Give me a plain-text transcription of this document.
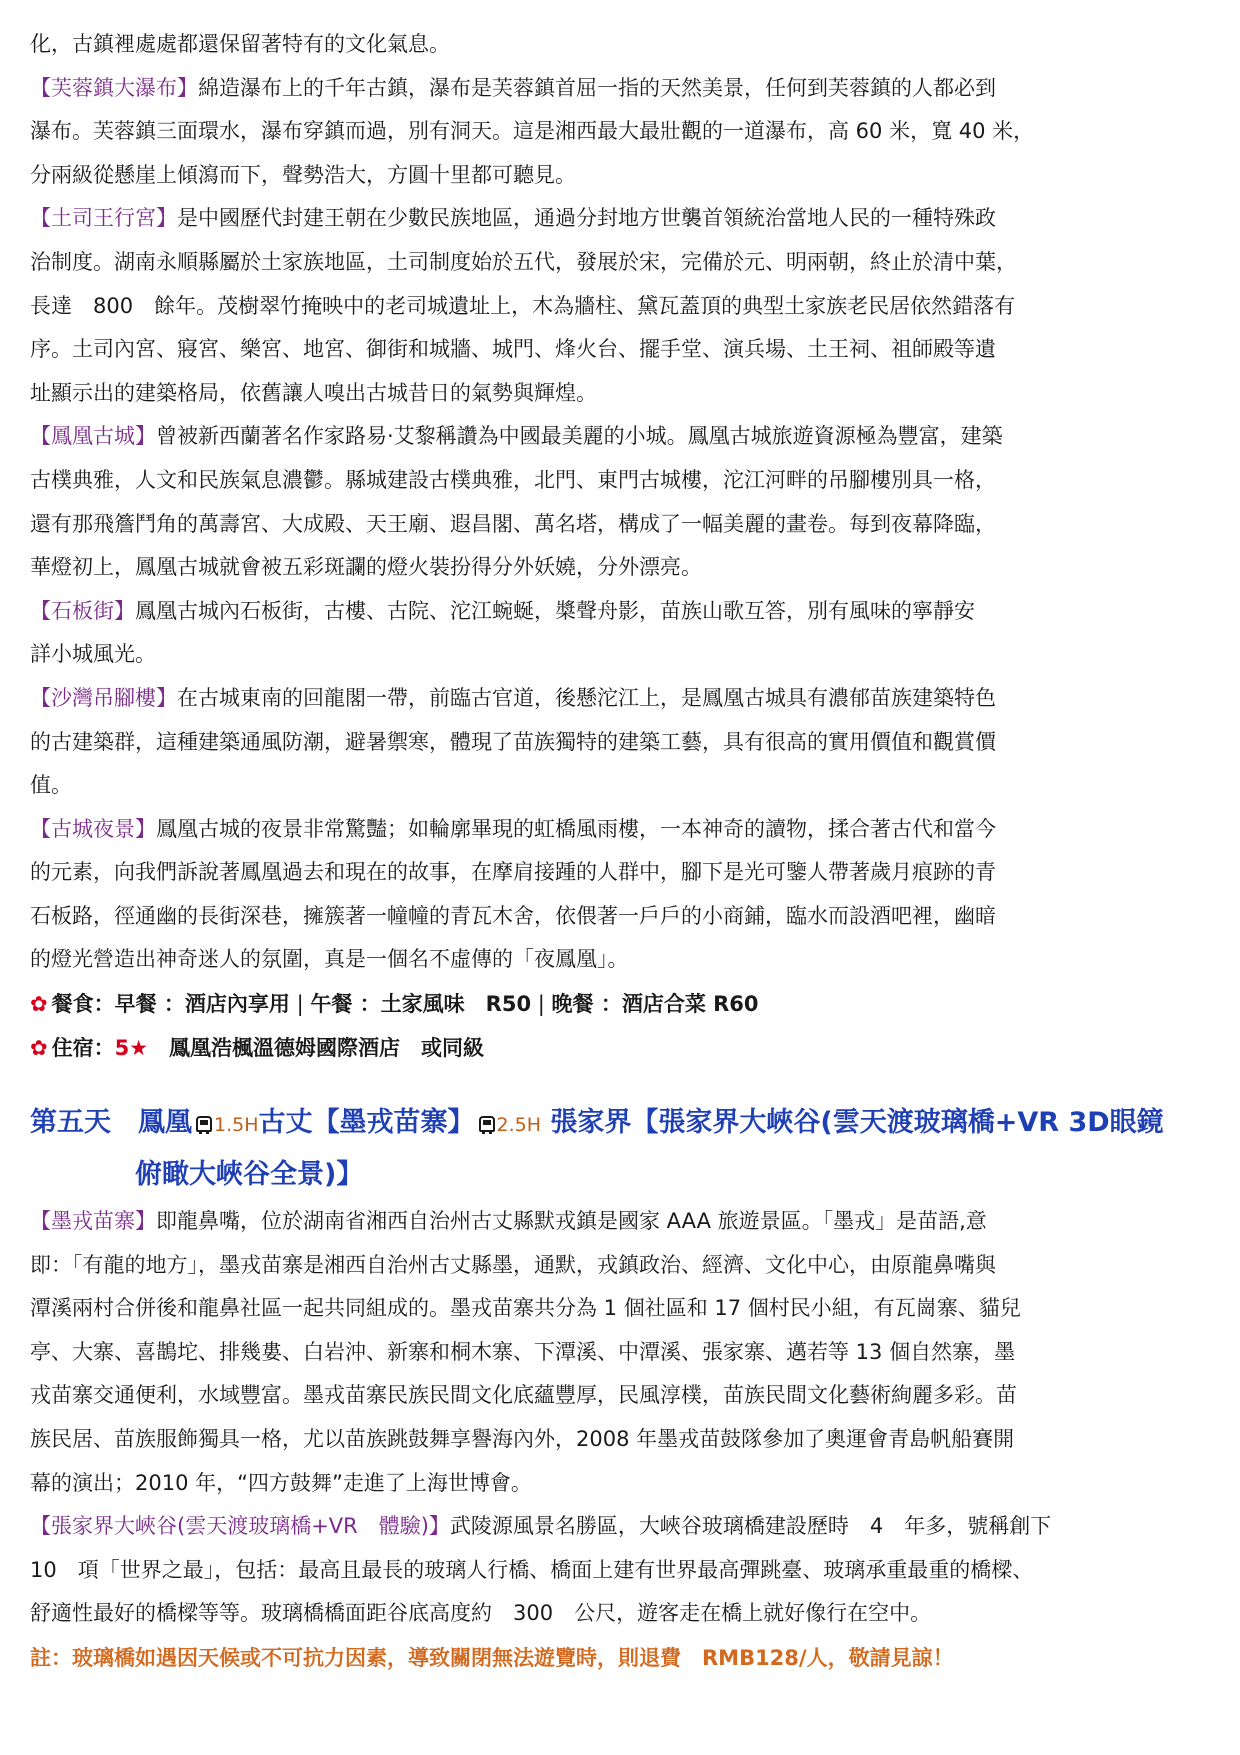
化，古鎮裡處處都還保留著特有的文化氣息。

【芙蓉鎮大瀑布】綿造瀑布上的千年古鎮，瀑布是芙蓉鎮首屈一指的天然美景，任何到芙蓉鎮的人都必到

瀑布。芙蓉鎮三面環水，瀑布穿鎮而過，別有洞天。這是湘西最大最壯觀的一道瀑布，高 60 米，寬 40 米，

分兩級從懸崖上傾瀉而下，聲勢浩大，方圓十里都可聽見。

【土司王行宮】是中國歷代封建王朝在少數民族地區，通過分封地方世襲首領統治當地人民的一種特殊政

治制度。湖南永順縣屬於土家族地區，土司制度始於五代，發展於宋，完備於元、明兩朝，終止於清中葉，

長達　800　餘年。茂樹翠竹掩映中的老司城遺址上，木為牆柱、黛瓦蓋頂的典型土家族老民居依然錯落有

序。土司內宮、寢宮、樂宮、地宮、御街和城牆、城門、烽火台、擺手堂、演兵場、土王祠、祖師殿等遺

址顯示出的建築格局，依舊讓人嗅出古城昔日的氣勢與輝煌。

【鳳凰古城】曾被新西蘭著名作家路易·艾黎稱讚為中國最美麗的小城。鳳凰古城旅遊資源極為豐富，建築

古樸典雅，人文和民族氣息濃鬱。縣城建設古樸典雅，北門、東門古城樓，沱江河畔的吊腳樓別具一格，

還有那飛簷鬥角的萬壽宮、大成殿、天王廟、遐昌閣、萬名塔，構成了一幅美麗的畫卷。每到夜幕降臨，

華燈初上，鳳凰古城就會被五彩斑讕的燈火裝扮得分外妖嬈，分外漂亮。

【石板街】鳳凰古城內石板街，古樓、古院、沱江蜿蜒，槳聲舟影，苗族山歌互答，別有風味的寧靜安

詳小城風光。

【沙灣吊腳樓】在古城東南的回龍閣一帶，前臨古官道，後懸沱江上，是鳳凰古城具有濃郁苗族建築特色

的古建築群，這種建築通風防潮，避暑禦寒，體現了苗族獨特的建築工藝，具有很高的實用價值和觀賞價

值。

【古城夜景】鳳凰古城的夜景非常驚豔；如輪廓畢現的虹橋風雨樓，一本神奇的讀物，揉合著古代和當今

的元素，向我們訴說著鳳凰過去和現在的故事，在摩肩接踵的人群中，腳下是光可鑒人帶著歲月痕跡的青

石板路，徑通幽的長街深巷，擁簇著一幢幢的青瓦木舍，依偎著一戶戶的小商鋪，臨水而設酒吧裡，幽暗

的燈光營造出神奇迷人的氛圍，真是一個名不虛傳的「夜鳳凰」。

✿ 餐食：早餐 ：酒店內享用 | 午餐 ：土家風味　R50 | 晚餐 ：酒店合菜 R60

✿ 住宿：5★　鳳凰浩楓溫德姆國際酒店　或同級

第五天　鳳凰 1.5H古丈【墨戎苗寨】 2.5H 張家界【張家界大峽谷(雲天渡玻璃橋+VR 3D眼鏡
俯瞰大峽谷全景)】

【墨戎苗寨】即龍鼻嘴，位於湖南省湘西自治州古丈縣默戎鎮是國家 AAA 旅遊景區。「墨戎」是苗語,意

即：「有龍的地方」，墨戎苗寨是湘西自治州古丈縣墨，通默，戎鎮政治、經濟、文化中心，由原龍鼻嘴與

潭溪兩村合併後和龍鼻社區一起共同組成的。墨戎苗寨共分為 1 個社區和 17 個村民小組，有瓦崗寨、貓兒

亭、大寨、喜鵲坨、排幾婁、白岩沖、新寨和桐木寨、下潭溪、中潭溪、張家寨、邁若等 13 個自然寨，墨

戎苗寨交通便利，水域豐富。墨戎苗寨民族民間文化底蘊豐厚，民風淳樸，苗族民間文化藝術絢麗多彩。苗

族民居、苗族服飾獨具一格，尤以苗族跳鼓舞享譽海內外，2008 年墨戎苗鼓隊參加了奧運會青島帆船賽開

幕的演出；2010 年，“四方鼓舞”走進了上海世博會。

【張家界大峽谷(雲天渡玻璃橋+VR　體驗)】武陵源風景名勝區，大峽谷玻璃橋建設歷時　4　年多，號稱創下

10　項「世界之最」，包括：最高且最長的玻璃人行橋、橋面上建有世界最高彈跳臺、玻璃承重最重的橋樑、

舒適性最好的橋樑等等。玻璃橋橋面距谷底高度約　300　公尺，遊客走在橋上就好像行在空中。

註：玻璃橋如遇因天候或不可抗力因素，導致關閉無法遊覽時，則退費　RMB128/人，敬請見諒！
